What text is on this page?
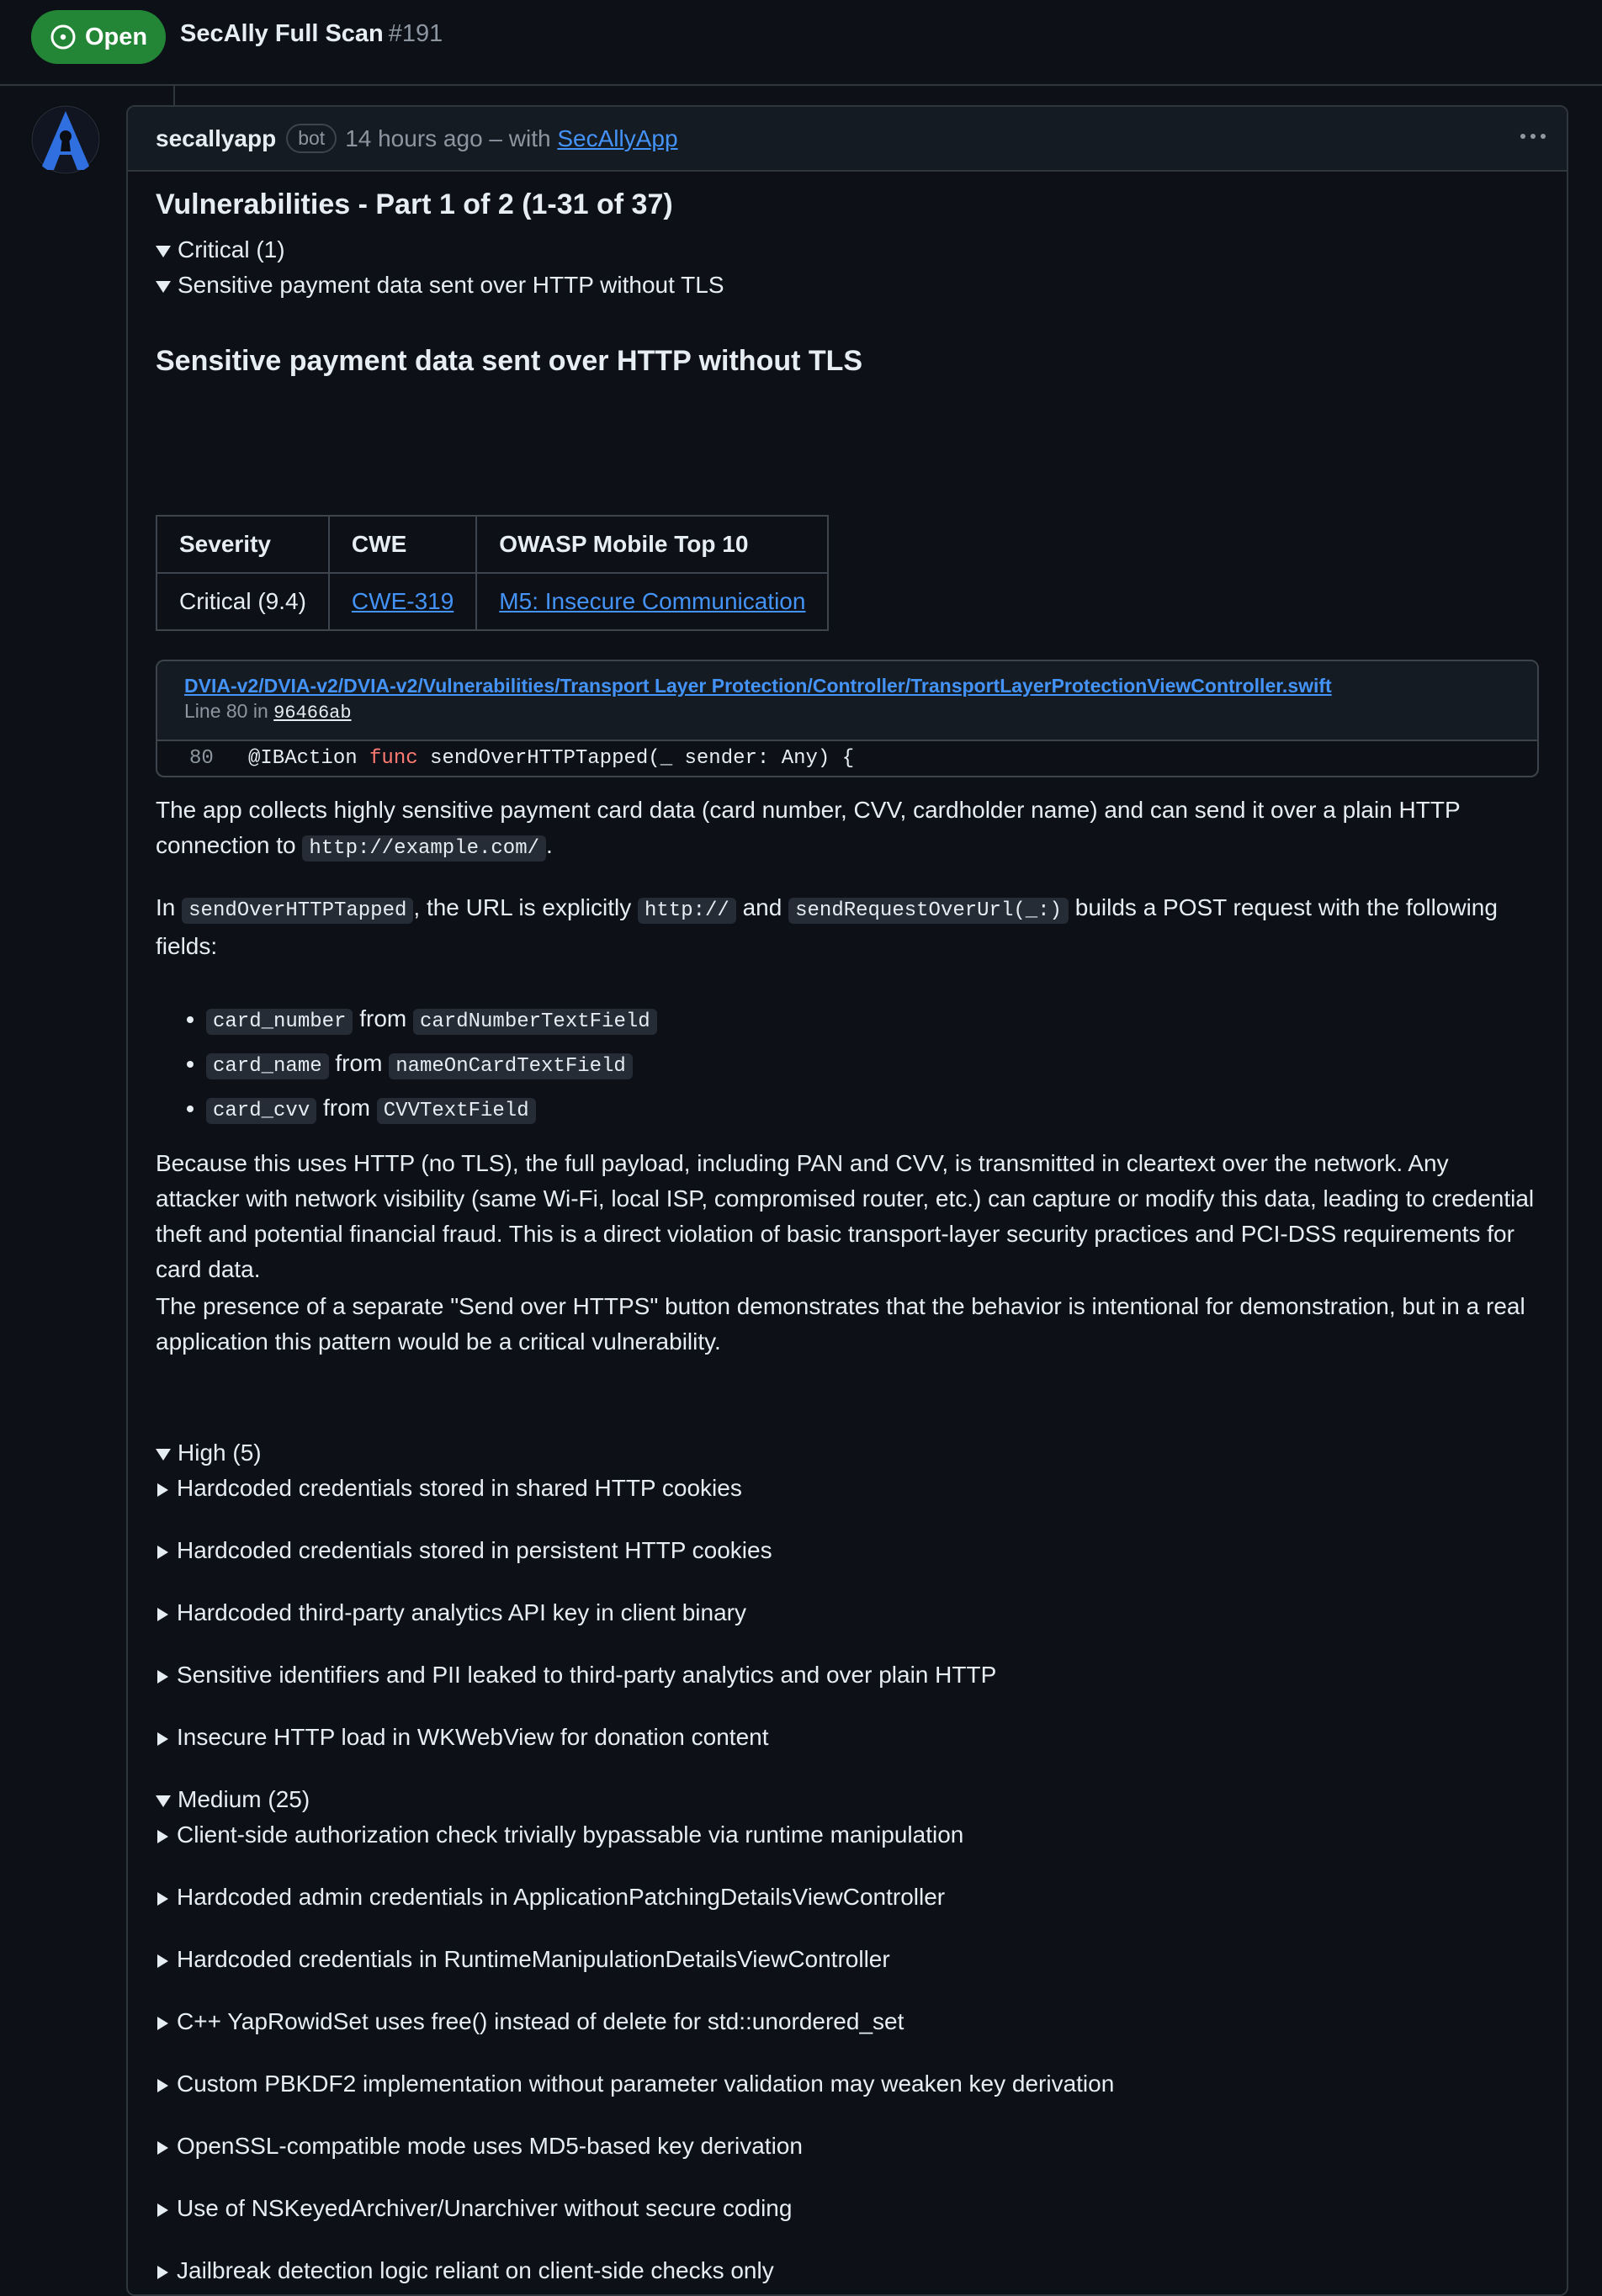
Open SecAlly Full Scan #191
secallyapp	bot 14 hours ago – with
SecAllyApp
Vulnerabilities - Part 1 of 2 (1-31 of 37)
Critical (1)
Sensitive payment data sent over HTTP without TLS
Sensitive payment data sent over HTTP without TLS
Severity	CWE	OWASP Mobile Top 10
Critical (9.4)	CWE-319	M5: Insecure Communication
DVIA-v2/DVIA-v2/DVIA-v2/Vulnerabilities/Transport Layer Protection/Controller/TransportLayerProtectionViewController.swift
Line 80 in 96466ab
80	@IBAction func sendOverHTTPTapped(_ sender: Any) {

The app collects highly sensitive payment card data (card number, CVV, cardholder name) and can send it over a plain HTTP connection to http://example.com/ .

In sendOverHTTPTapped , the URL is explicitly http:// and sendRequestOverUrl(_:) builds a POST request with the following fields:

• card_number from cardNumberTextField
• card_name from nameOnCardTextField
• card_cvv from CVVTextField

Because this uses HTTP (no TLS), the full payload, including PAN and CVV, is transmitted in cleartext over the network. Any attacker with network visibility (same Wi-Fi, local ISP, compromised router, etc.) can capture or modify this data, leading to credential theft and potential financial fraud. This is a direct violation of basic transport-layer security practices and PCI-DSS requirements for card data.

The presence of a separate "Send over HTTPS" button demonstrates that the behavior is intentional for demonstration, but in a real application this pattern would be a critical vulnerability.

High (5)
Hardcoded credentials stored in shared HTTP cookies
Hardcoded credentials stored in persistent HTTP cookies
Hardcoded third-party analytics API key in client binary
Sensitive identifiers and PII leaked to third-party analytics and over plain HTTP
Insecure HTTP load in WKWebView for donation content
Medium (25)
Client-side authorization check trivially bypassable via runtime manipulation
Hardcoded admin credentials in ApplicationPatchingDetailsViewController
Hardcoded credentials in RuntimeManipulationDetailsViewController
C++ YapRowidSet uses free() instead of delete for std::unordered_set
Custom PBKDF2 implementation without parameter validation may weaken key derivation
OpenSSL-compatible mode uses MD5-based key derivation
Use of NSKeyedArchiver/Unarchiver without secure coding
Jailbreak detection logic reliant on client-side checks only
